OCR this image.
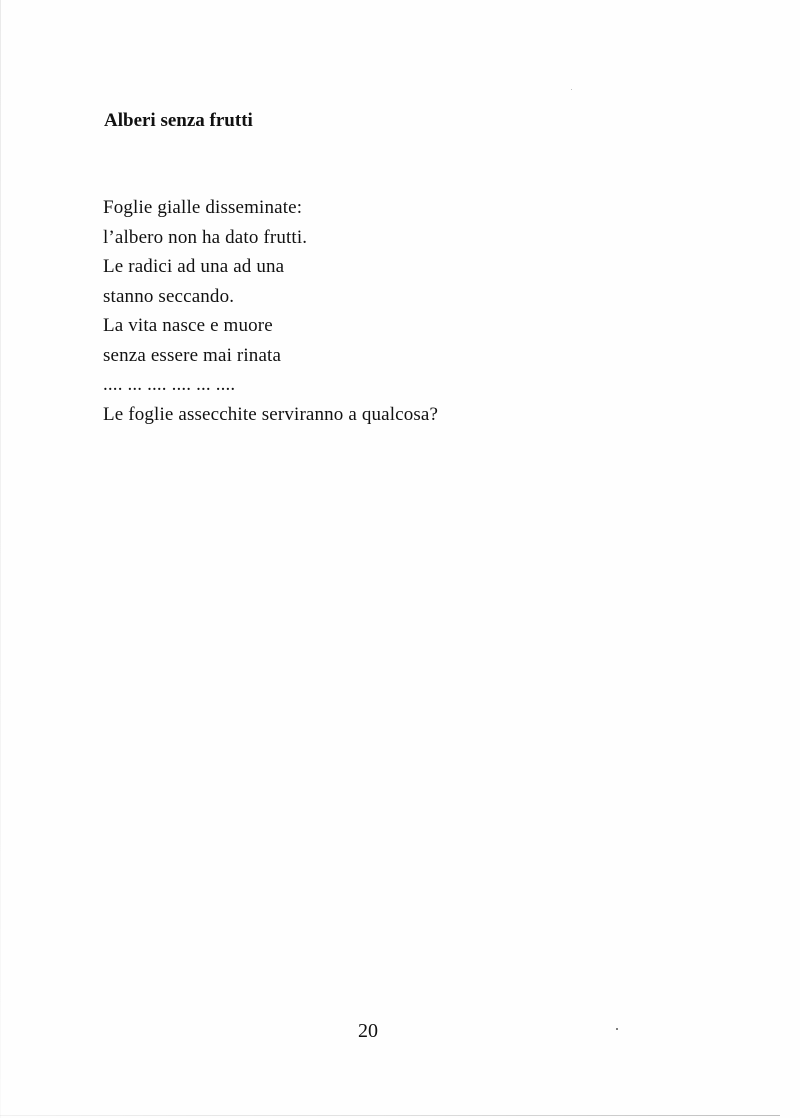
Alberi senza frutti
Foglie gialle disseminate:
l’albero non ha dato frutti.
Le radici ad una ad una
stanno seccando.
La vita nasce e muore
senza essere mai rinata
.... ... .... .... ... ....
Le foglie assecchite serviranno a qualcosa?
20
